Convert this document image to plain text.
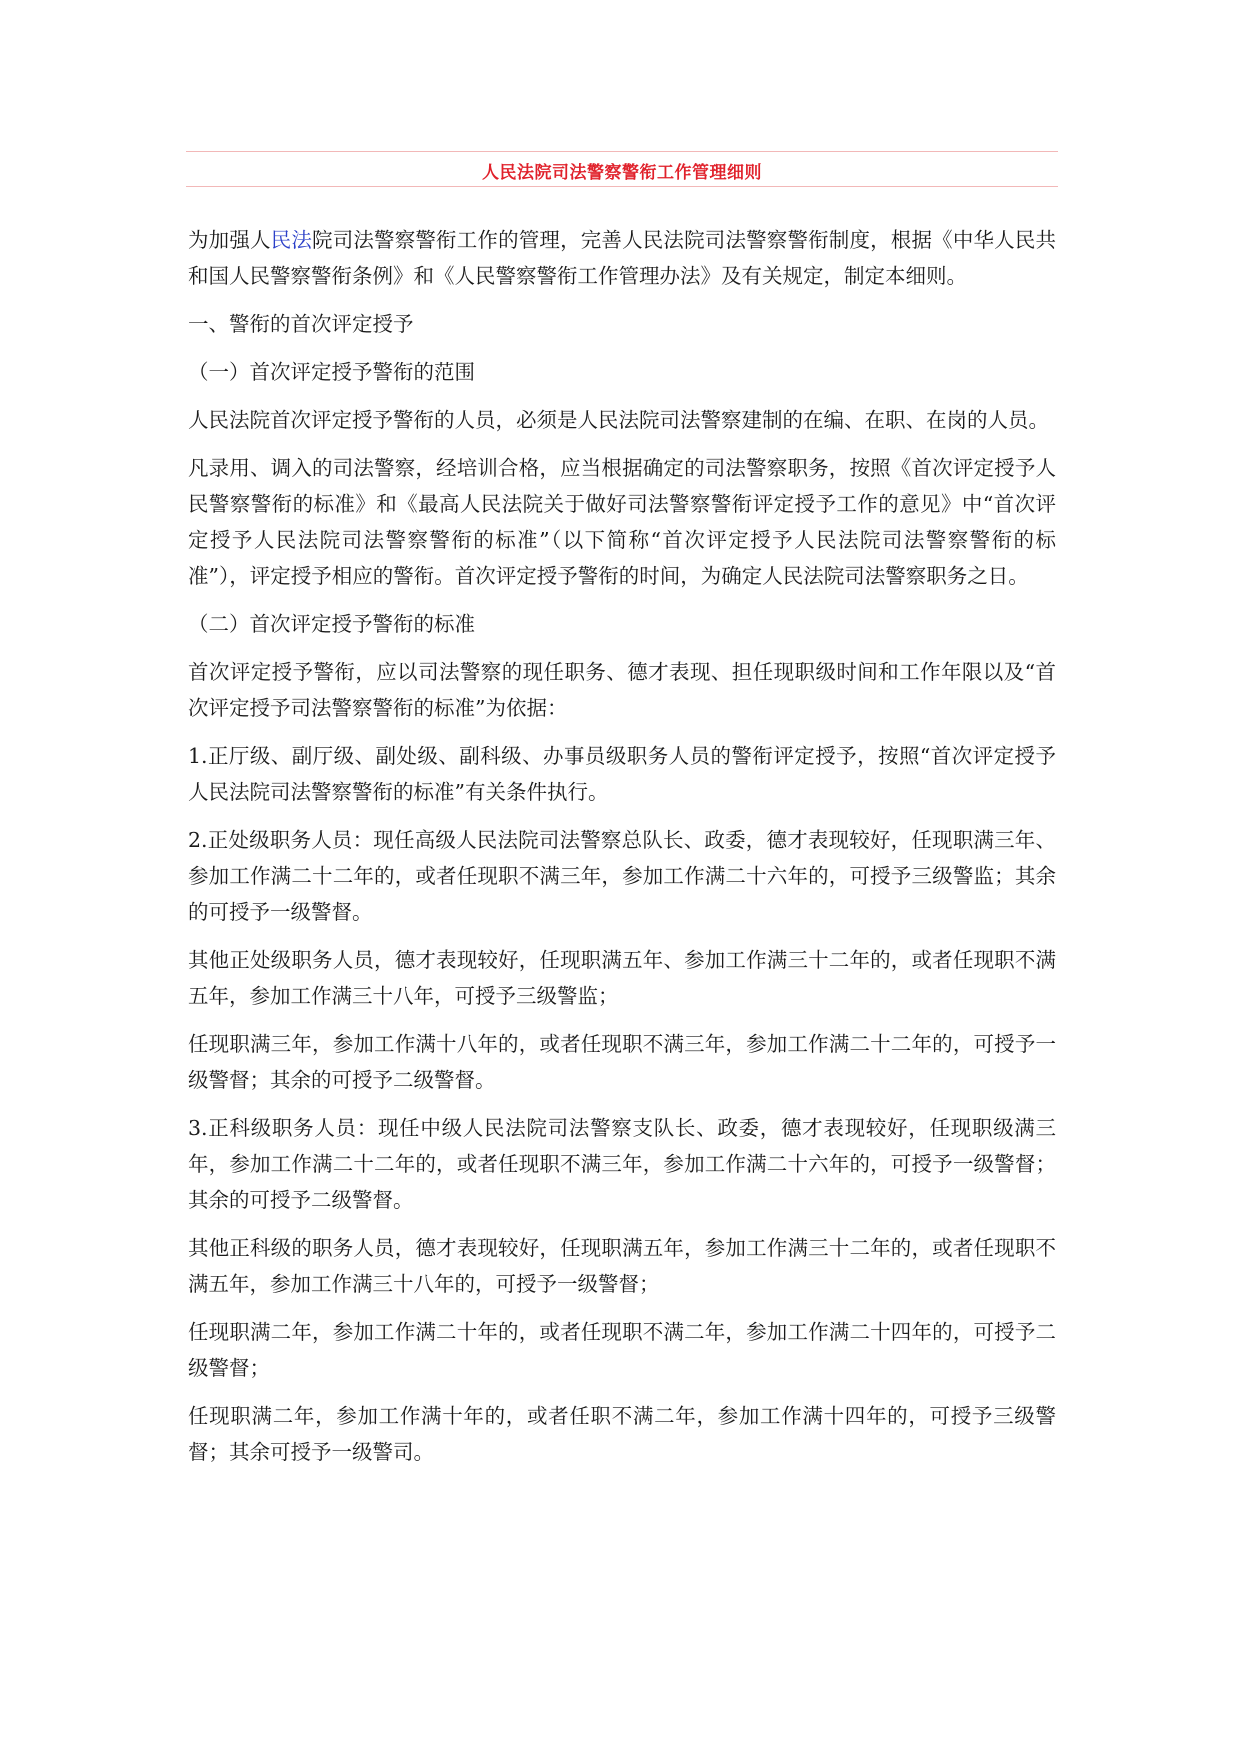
人民法院司法警察警衔工作管理细则

为加强人民法院司法警察警衔工作的管理，完善人民法院司法警察警衔制度，根据《中华人民共和国人民警察警衔条例》和《人民警察警衔工作管理办法》及有关规定，制定本细则。

一、警衔的首次评定授予

（一）首次评定授予警衔的范围

人民法院首次评定授予警衔的人员，必须是人民法院司法警察建制的在编、在职、在岗的人员。

凡录用、调入的司法警察，经培训合格，应当根据确定的司法警察职务，按照《首次评定授予人民警察警衔的标准》和《最高人民法院关于做好司法警察警衔评定授予工作的意见》中“首次评定授予人民法院司法警察警衔的标准”（以下简称“首次评定授予人民法院司法警察警衔的标准”），评定授予相应的警衔。首次评定授予警衔的时间，为确定人民法院司法警察职务之日。

（二）首次评定授予警衔的标准

首次评定授予警衔，应以司法警察的现任职务、德才表现、担任现职级时间和工作年限以及“首次评定授予司法警察警衔的标准”为依据：

1.正厅级、副厅级、副处级、副科级、办事员级职务人员的警衔评定授予，按照“首次评定授予人民法院司法警察警衔的标准”有关条件执行。

2.正处级职务人员：现任高级人民法院司法警察总队长、政委，德才表现较好，任现职满三年、参加工作满二十二年的，或者任现职不满三年，参加工作满二十六年的，可授予三级警监；其余的可授予一级警督。

其他正处级职务人员，德才表现较好，任现职满五年、参加工作满三十二年的，或者任现职不满五年，参加工作满三十八年，可授予三级警监；

任现职满三年，参加工作满十八年的，或者任现职不满三年，参加工作满二十二年的，可授予一级警督；其余的可授予二级警督。

3.正科级职务人员：现任中级人民法院司法警察支队长、政委，德才表现较好，任现职级满三年，参加工作满二十二年的，或者任现职不满三年，参加工作满二十六年的，可授予一级警督；其余的可授予二级警督。

其他正科级的职务人员，德才表现较好，任现职满五年，参加工作满三十二年的，或者任现职不满五年，参加工作满三十八年的，可授予一级警督；

任现职满二年，参加工作满二十年的，或者任现职不满二年，参加工作满二十四年的，可授予二级警督；

任现职满二年，参加工作满十年的，或者任职不满二年，参加工作满十四年的，可授予三级警督；其余可授予一级警司。
